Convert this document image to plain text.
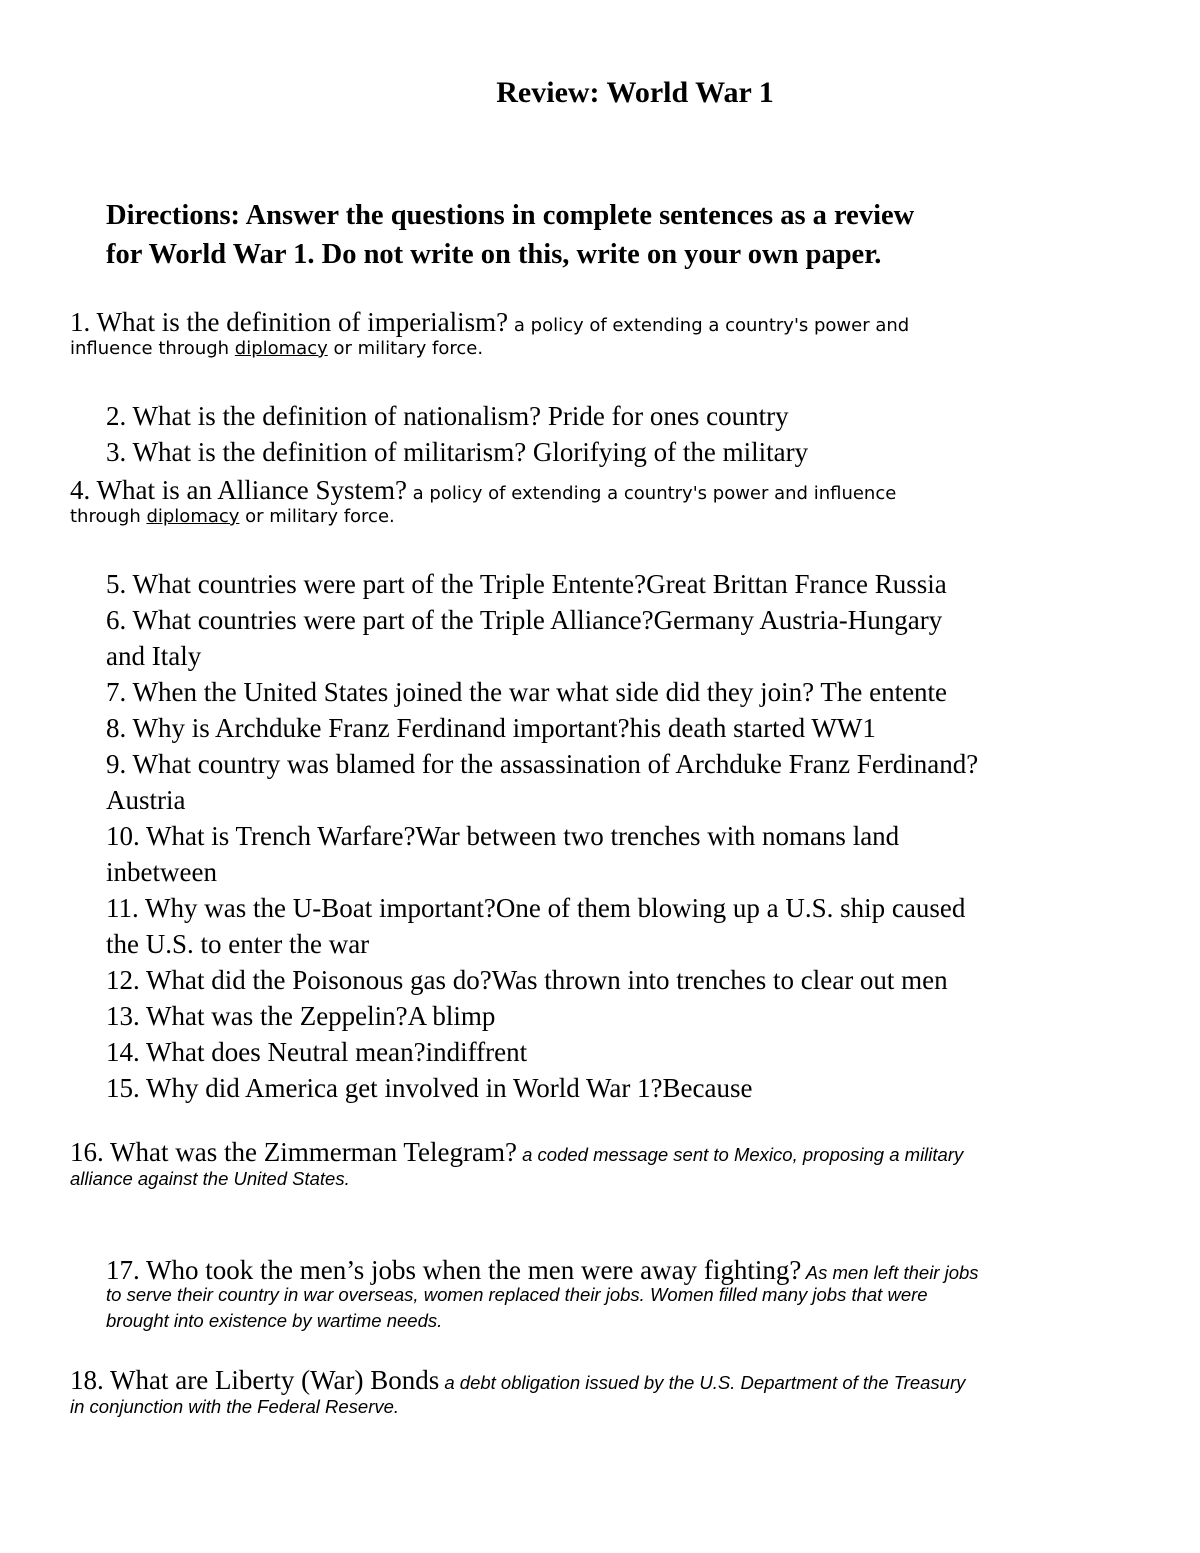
Review: World War 1
Directions: Answer the questions in complete sentences as a review
for World War 1. Do not write on this, write on your own paper.
1. What is the definition of imperialism? a policy of extending a country's power and
influence through diplomacy or military force.
2. What is the definition of nationalism? Pride for ones country
3. What is the definition of militarism? Glorifying of the military
4. What is an Alliance System? a policy of extending a country's power and influence
through diplomacy or military force.
5. What countries were part of the Triple Entente?Great Brittan France Russia
6. What countries were part of the Triple Alliance?Germany Austria-Hungary
and Italy
7. When the United States joined the war what side did they join? The entente
8. Why is Archduke Franz Ferdinand important?his death started WW1
9. What country was blamed for the assassination of Archduke Franz Ferdinand?
Austria
10. What is Trench Warfare?War between two trenches with nomans land
inbetween
11. Why was the U-Boat important?One of them blowing up a U.S. ship caused
the U.S. to enter the war
12. What did the Poisonous gas do?Was thrown into trenches to clear out men
13. What was the Zeppelin?A blimp
14. What does Neutral mean?indiffrent
15. Why did America get involved in World War 1?Because
16. What was the Zimmerman Telegram? a coded message sent to Mexico, proposing a military
alliance against the United States.
17. Who took the men’s jobs when the men were away fighting? As men left their jobs
to serve their country in war overseas, women replaced their jobs. Women filled many jobs that were
brought into existence by wartime needs.
18. What are Liberty (War) Bonds a debt obligation issued by the U.S. Department of the Treasury
in conjunction with the Federal Reserve.
